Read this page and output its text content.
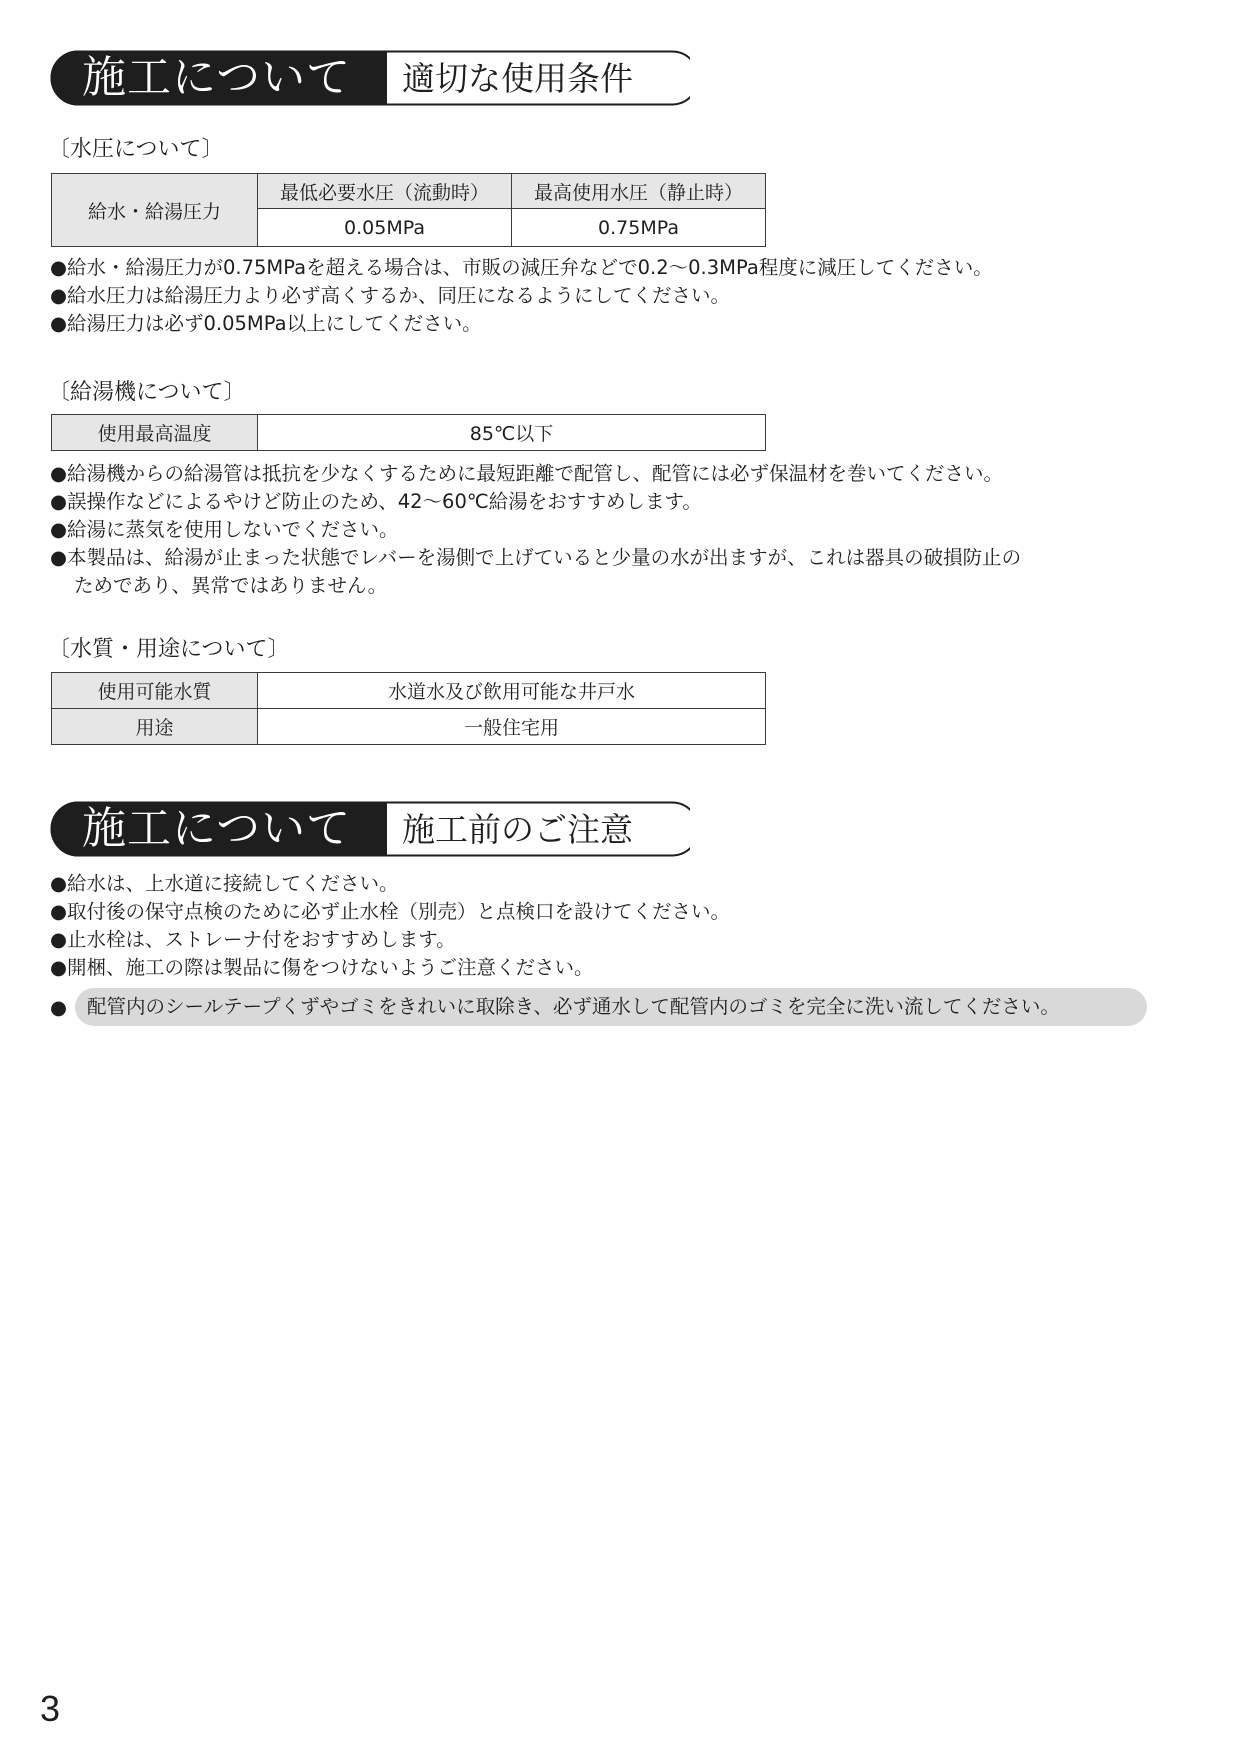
施工について 適切な使用条件
〔水圧について〕
給水・給湯圧力	最低必要水圧（流動時）	最高使用水圧（静止時）
	0.05MPa	0.75MPa

●給水・給湯圧力が0.75MPaを超える場合は、市販の減圧弁などで0.2～0.3MPa程度に減圧してください。

●給水圧力は給湯圧力より必ず高くするか、同圧になるようにしてください。

●給湯圧力は必ず0.05MPa以上にしてください。

〔給湯機について〕
使用最高温度	85℃以下

●給湯機からの給湯管は抵抗を少なくするために最短距離で配管し、配管には必ず保温材を巻いてください。

●誤操作などによるやけど防止のため、42～60℃給湯をおすすめします。

●給湯に蒸気を使用しないでください。

●本製品は、給湯が止まった状態でレバーを湯側で上げていると少量の水が出ますが、これは器具の破損防止の

ためであり、異常ではありません。

〔水質・用途について〕
使用可能水質	水道水及び飲用可能な井戸水
用途	一般住宅用
施工について 施工前のご注意

●給水は、上水道に接続してください。

●取付後の保守点検のために必ず止水栓（別売）と点検口を設けてください。

●止水栓は、ストレーナ付をおすすめします。

●開梱、施工の際は製品に傷をつけないようご注意ください。

●	配管内のシールテープくずやゴミをきれいに取除き、必ず通水して配管内のゴミを完全に洗い流してください。
3
